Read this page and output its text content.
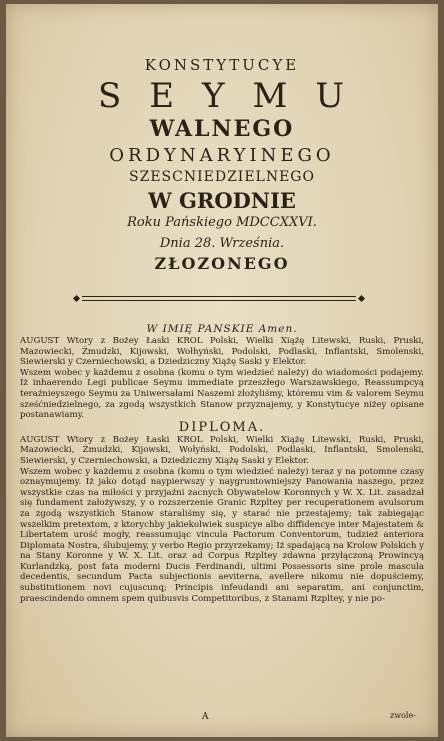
KONSTYTUCYE
SEYMU
WALNEGO
ORDYNARYINEGO
SZESCNIEDZIELNEGO
W GRODNIE
Roku Pańskiego MDCCXXVI.
Dnia 28. Września.
ZŁOZONEGO

W IMIĘ PANSKIE Amen.

AUGUST Wtory z Bożey Łaski KROL Polski, Wielki Xiążę Litewski, Ruski, Pruski, Mazowiecki, Żmudzki, Kijowski, Wołhyński, Podolski, Podlaski, Inflantski, Smolenski, Siewierski y Czerniechowski, a Dziedziczny Xiążę Saski y Elektor.

Wszem wobec y każdemu z osobna (komu o tym wiedzieć należy) do wiadomości podajemy. Iż inhaerendo Legi publicae Seymu immediate przeszłego Warszawskiego, Reassumpcyą teraźnieyszego Seymu za Uniwersałami Naszemi złożyliśmy, któremu vim & valorem Seymu sześćniedzielnego, za zgodą wszystkich Stanow przyznajemy, y Konstytucye niżey opisane postanawiamy.

DIPLOMA.

AUGUST Wtory z Bożey Łaski KROL Polski, Wielki Xiążę Litewski, Ruski, Pruski, Mazowiecki, Żmudzki, Kijowski, Wołyński, Podolski, Podlaski, Inflantski, Smolenski, Siewierski, y Czerniechowski, a Dziedziczny Xiążę Saski y Elektor.

Wszem wobec y każdemu z osobna (komu o tym wiedzieć należy) teraz y na potomne czasy oznaymujemy. Iż jako dotąd naypierwszy y naygruntowniejszy Panowania naszego, przez wszystkie czas na miłości y przyjaźni zacnych Obywatelow Koronnych y W. X. Lit. zasadzał się fundament założywszy, y o rozszerzenie Granic Rzpltey per recuperationem avulsorum za zgodą wszystkich Stanow staraliśmy się, y starać nie przestajemy; tak zabiegając wszelkim pretextom, z ktorychby jakiekolwiek suspicye albo diffidencye inter Majestatem & Libertatem urość mogły, reassumując vincula Pactorum Conventorum, tudzież anteriora Diplomata Nostra, ślubujemy, y verbo Regio przyrzekamy; Iż spadającą na Krolow Polskich y na Stany Koronne y W. X. Lit. oraz ad Corpus Rzpltey zdawna przyłączoną Prowincyą Kurlandzką, post fata moderni Ducis Ferdinandi, ultimi Possessoris sine prole mascula decedentis, secundum Pacta subjectionis aeviterna, avellere nikomu nie dopuściemy, substitutionem novi cujuscunq; Principis infeudandi ani separatim, ani conjunctim, praescindendo omnem spem quibusvis Competitoribus, z Stanami Rzpltey, y nie po-

A	zwole-
